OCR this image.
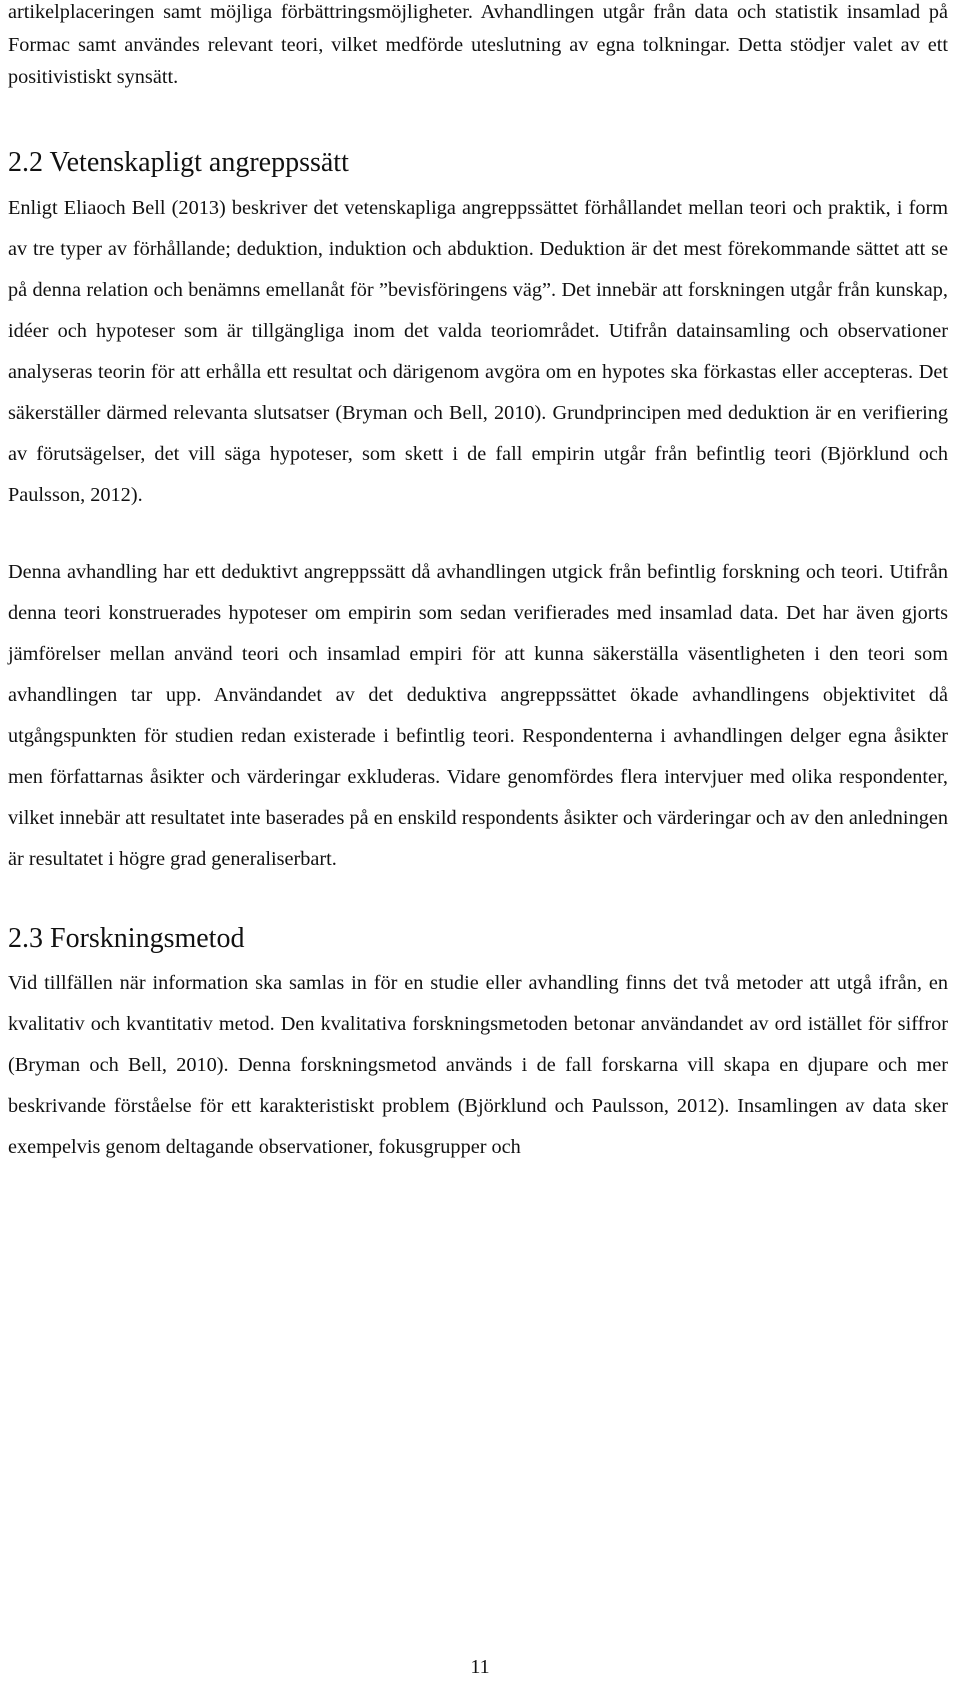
artikelplaceringen samt möjliga förbättringsmöjligheter. Avhandlingen utgår från data och statistik insamlad på Formac samt användes relevant teori, vilket medförde uteslutning av egna tolkningar. Detta stödjer valet av ett positivistiskt synsätt.

2.2 Vetenskapligt angreppssätt

Enligt Eliaoch Bell (2013) beskriver det vetenskapliga angreppssättet förhållandet mellan teori och praktik, i form av tre typer av förhållande; deduktion, induktion och abduktion. Deduktion är det mest förekommande sättet att se på denna relation och benämns emellanåt för ”bevisföringens väg”. Det innebär att forskningen utgår från kunskap, idéer och hypoteser som är tillgängliga inom det valda teoriområdet. Utifrån datainsamling och observationer analyseras teorin för att erhålla ett resultat och därigenom avgöra om en hypotes ska förkastas eller accepteras. Det säkerställer därmed relevanta slutsatser (Bryman och Bell, 2010). Grundprincipen med deduktion är en verifiering av förutsägelser, det vill säga hypoteser, som skett i de fall empirin utgår från befintlig teori (Björklund och Paulsson, 2012).

Denna avhandling har ett deduktivt angreppssätt då avhandlingen utgick från befintlig forskning och teori. Utifrån denna teori konstruerades hypoteser om empirin som sedan verifierades med insamlad data. Det har även gjorts jämförelser mellan använd teori och insamlad empiri för att kunna säkerställa väsentligheten i den teori som avhandlingen tar upp. Användandet av det deduktiva angreppssättet ökade avhandlingens objektivitet då utgångspunkten för studien redan existerade i befintlig teori. Respondenterna i avhandlingen delger egna åsikter men författarnas åsikter och värderingar exkluderas. Vidare genomfördes flera intervjuer med olika respondenter, vilket innebär att resultatet inte baserades på en enskild respondents åsikter och värderingar och av den anledningen är resultatet i högre grad generaliserbart.

2.3 Forskningsmetod

Vid tillfällen när information ska samlas in för en studie eller avhandling finns det två metoder att utgå ifrån, en kvalitativ och kvantitativ metod. Den kvalitativa forskningsmetoden betonar användandet av ord istället för siffror (Bryman och Bell, 2010). Denna forskningsmetod används i de fall forskarna vill skapa en djupare och mer beskrivande förståelse för ett karakteristiskt problem (Björklund och Paulsson, 2012). Insamlingen av data sker exempelvis genom deltagande observationer, fokusgrupper och

11
